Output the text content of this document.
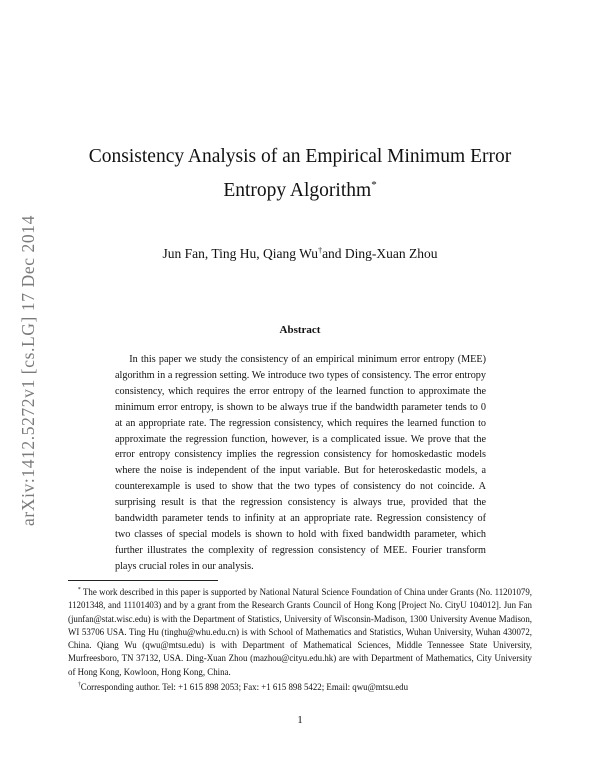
arXiv:1412.5272v1 [cs.LG] 17 Dec 2014
Consistency Analysis of an Empirical Minimum Error
Entropy Algorithm*
Jun Fan, Ting Hu, Qiang Wu†and Ding-Xuan Zhou
Abstract

In this paper we study the consistency of an empirical minimum error entropy (MEE) algorithm in a regression setting. We introduce two types of consistency. The error entropy consistency, which requires the error entropy of the learned function to approximate the minimum error entropy, is shown to be always true if the bandwidth parameter tends to 0 at an appropriate rate. The regression consistency, which requires the learned function to approximate the regression function, however, is a complicated issue. We prove that the error entropy consistency implies the regression consistency for homoskedastic models where the noise is independent of the input variable. But for heteroskedastic models, a counterexample is used to show that the two types of consistency do not coincide. A surprising result is that the regression consistency is always true, provided that the bandwidth parameter tends to infinity at an appropriate rate. Regression consistency of two classes of special models is shown to hold with fixed bandwidth parameter, which further illustrates the complexity of regression consistency of MEE. Fourier transform plays crucial roles in our analysis.

* The work described in this paper is supported by National Natural Science Foundation of China under Grants (No. 11201079, 11201348, and 11101403) and by a grant from the Research Grants Council of Hong Kong [Project No. CityU 104012]. Jun Fan (junfan@stat.wisc.edu) is with the Department of Statistics, University of Wisconsin-Madison, 1300 University Avenue Madison, WI 53706 USA. Ting Hu (tinghu@whu.edu.cn) is with School of Mathematics and Statistics, Wuhan University, Wuhan 430072, China. Qiang Wu (qwu@mtsu.edu) is with Department of Mathematical Sciences, Middle Tennessee State University, Murfreesboro, TN 37132, USA. Ding-Xuan Zhou (mazhou@cityu.edu.hk) are with Department of Mathematics, City University of Hong Kong, Kowloon, Hong Kong, China.

†Corresponding author. Tel: +1 615 898 2053; Fax: +1 615 898 5422; Email: qwu@mtsu.edu

1
